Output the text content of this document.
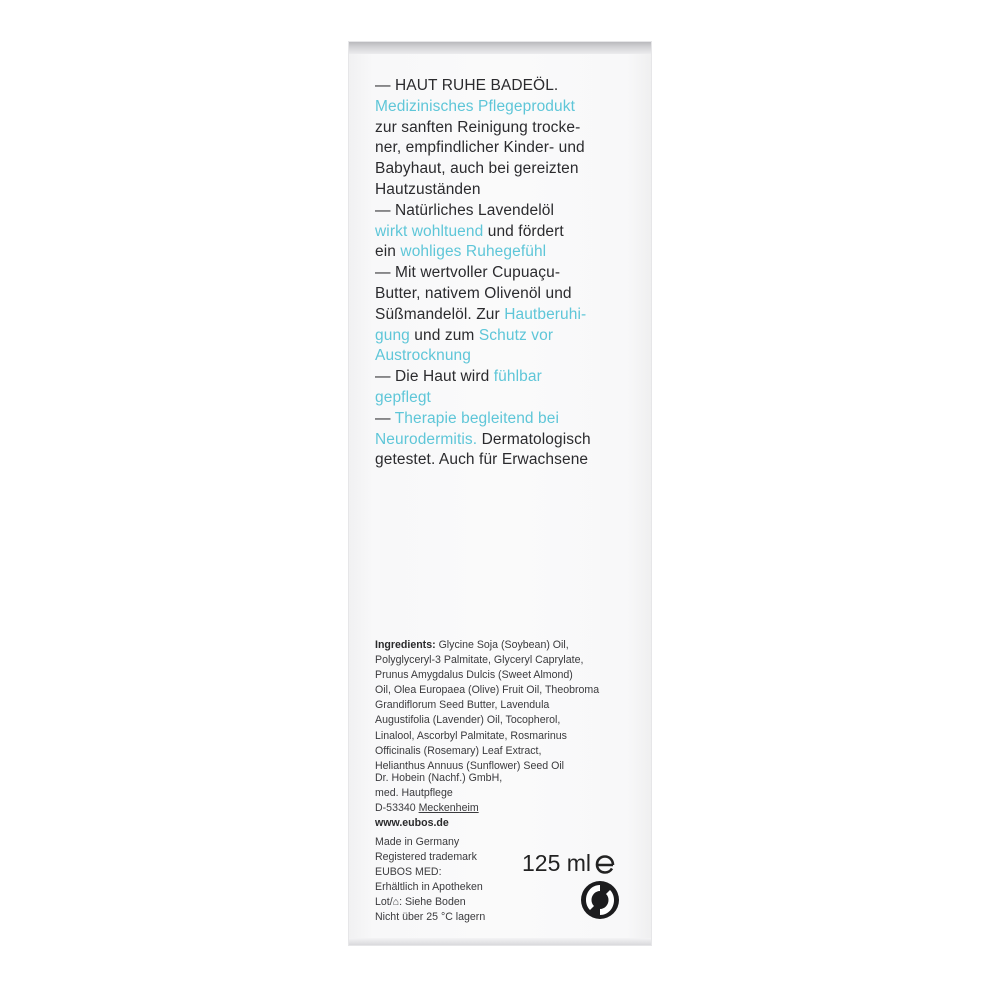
— HAUT RUHE BADEÖL.
Medizinisches Pflegeprodukt
zur sanften Reinigung trocke-
ner, empfindlicher Kinder- und
Babyhaut, auch bei gereizten
Hautzuständen
— Natürliches Lavendelöl
wirkt wohltuend und fördert
ein wohliges Ruhegefühl
— Mit wertvoller Cupuaçu-
Butter, nativem Olivenöl und
Süßmandelöl. Zur Hautberuhi-
gung und zum Schutz vor
Austrocknung
— Die Haut wird fühlbar
gepflegt
— Therapie begleitend bei
Neurodermitis. Dermatologisch
getestet. Auch für Erwachsene
Ingredients: Glycine Soja (Soybean) Oil,
Polyglyceryl-3 Palmitate, Glyceryl Caprylate,
Prunus Amygdalus Dulcis (Sweet Almond)
Oil, Olea Europaea (Olive) Fruit Oil, Theobroma
Grandiflorum Seed Butter, Lavendula
Augustifolia (Lavender) Oil, Tocopherol,
Linalool, Ascorbyl Palmitate, Rosmarinus
Officinalis (Rosemary) Leaf Extract,
Helianthus Annuus (Sunflower) Seed Oil
Dr. Hobein (Nachf.) GmbH,
med. Hautpflege
D-53340 Meckenheim
www.eubos.de
Made in Germany
Registered trademark
EUBOS MED:
Erhältlich in Apotheken
Lot/⌂: Siehe Boden
Nicht über 25 °C lagern
125 ml
